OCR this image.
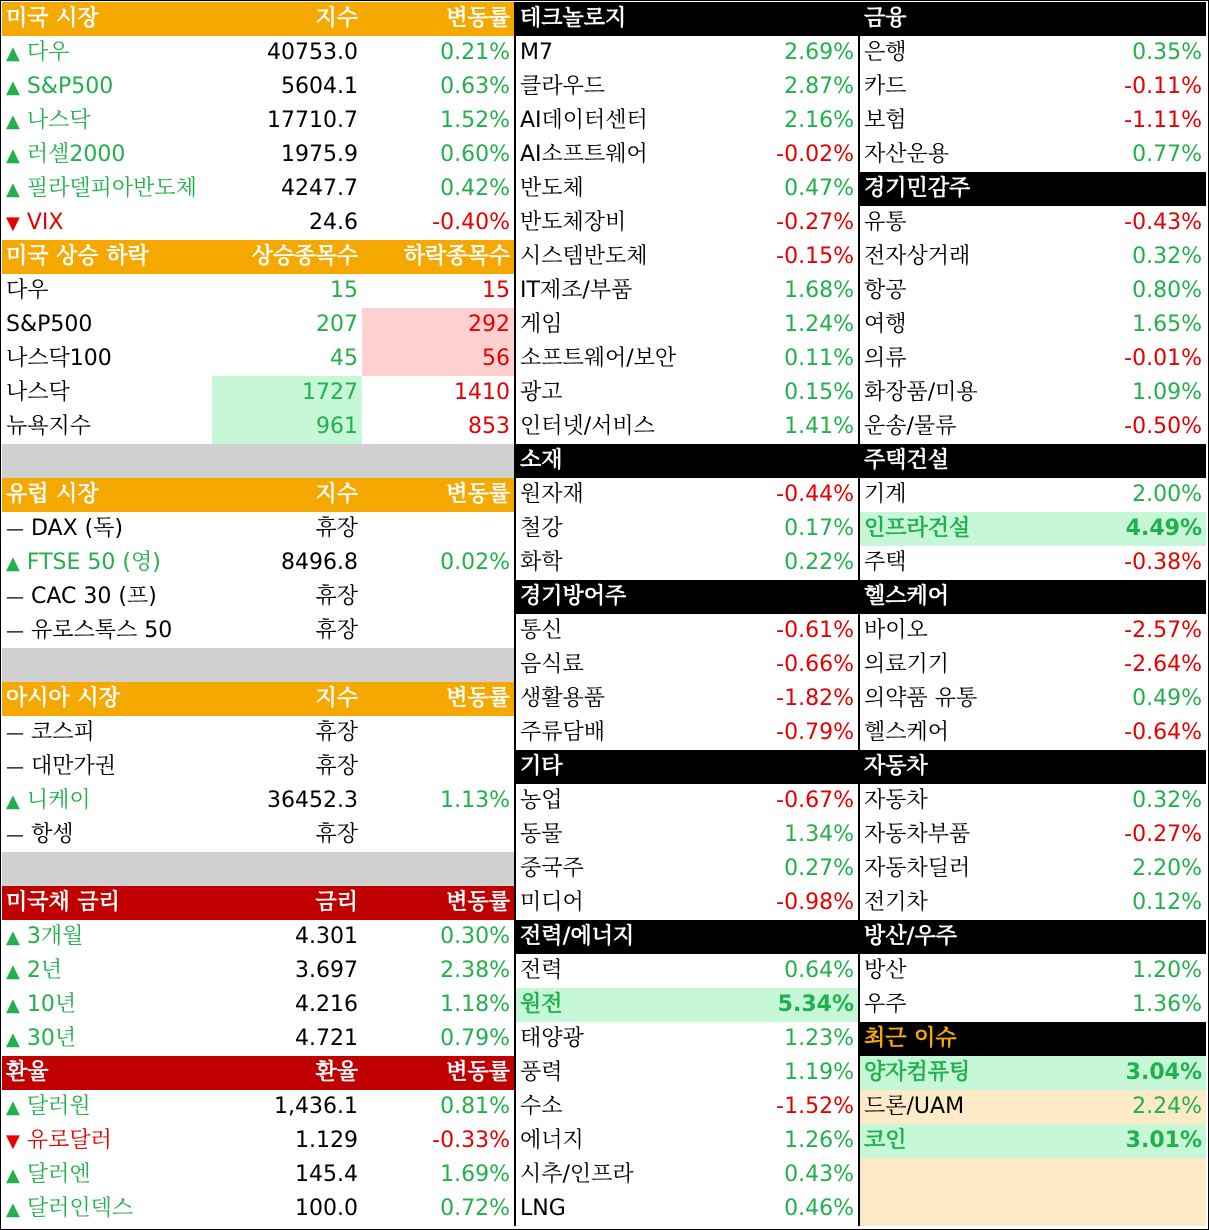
미국 시장	지수	변동률
▲ 다우	40753.0	0.21%
▲ S&P500	5604.1	0.63%
▲ 나스닥	17710.7	1.52%
▲ 러셀2000	1975.9	0.60%
▲ 필라델피아반도체	4247.7	0.42%
▼ VIX	24.6	-0.40%
미국 상승 하락	상승종목수	하락종목수
다우	15	15
S&P500	207	292
나스닥100	45	56
나스닥	1727	1410
뉴욕지수	961	853
유럽 시장	지수	변동률
— DAX (독)	휴장
▲ FTSE 50 (영)	8496.8	0.02%
— CAC 30 (프)	휴장
— 유로스톡스 50	휴장
아시아 시장	지수	변동률
— 코스피	휴장
— 대만가권	휴장
▲ 니케이	36452.3	1.13%
— 항셍	휴장
미국채 금리	금리	변동률
▲ 3개월	4.301	0.30%
▲ 2년	3.697	2.38%
▲ 10년	4.216	1.18%
▲ 30년	4.721	0.79%
환율	환율	변동률
▲ 달러원	1,436.1	0.81%
▼ 유로달러	1.129	-0.33%
▲ 달러엔	145.4	1.69%
▲ 달러인덱스	100.0	0.72%
테크놀로지
M7	2.69%
클라우드	2.87%
AI데이터센터	2.16%
AI소프트웨어	-0.02%
반도체	0.47%
반도체장비	-0.27%
시스템반도체	-0.15%
IT제조/부품	1.68%
게임	1.24%
소프트웨어/보안	0.11%
광고	0.15%
인터넷/서비스	1.41%
소재
원자재	-0.44%
철강	0.17%
화학	0.22%
경기방어주
통신	-0.61%
음식료	-0.66%
생활용품	-1.82%
주류담배	-0.79%
기타
농업	-0.67%
동물	1.34%
중국주	0.27%
미디어	-0.98%
전력/에너지
전력	0.64%
원전	5.34%
태양광	1.23%
풍력	1.19%
수소	-1.52%
에너지	1.26%
시추/인프라	0.43%
LNG	0.46%
금융
은행	0.35%
카드	-0.11%
보험	-1.11%
자산운용	0.77%
경기민감주
유통	-0.43%
전자상거래	0.32%
항공	0.80%
여행	1.65%
의류	-0.01%
화장품/미용	1.09%
운송/물류	-0.50%
주택건설
기계	2.00%
인프라건설	4.49%
주택	-0.38%
헬스케어
바이오	-2.57%
의료기기	-2.64%
의약품 유통	0.49%
헬스케어	-0.64%
자동차
자동차	0.32%
자동차부품	-0.27%
자동차딜러	2.20%
전기차	0.12%
방산/우주
방산	1.20%
우주	1.36%
최근 이슈
양자컴퓨팅	3.04%
드론/UAM	2.24%
코인	3.01%
